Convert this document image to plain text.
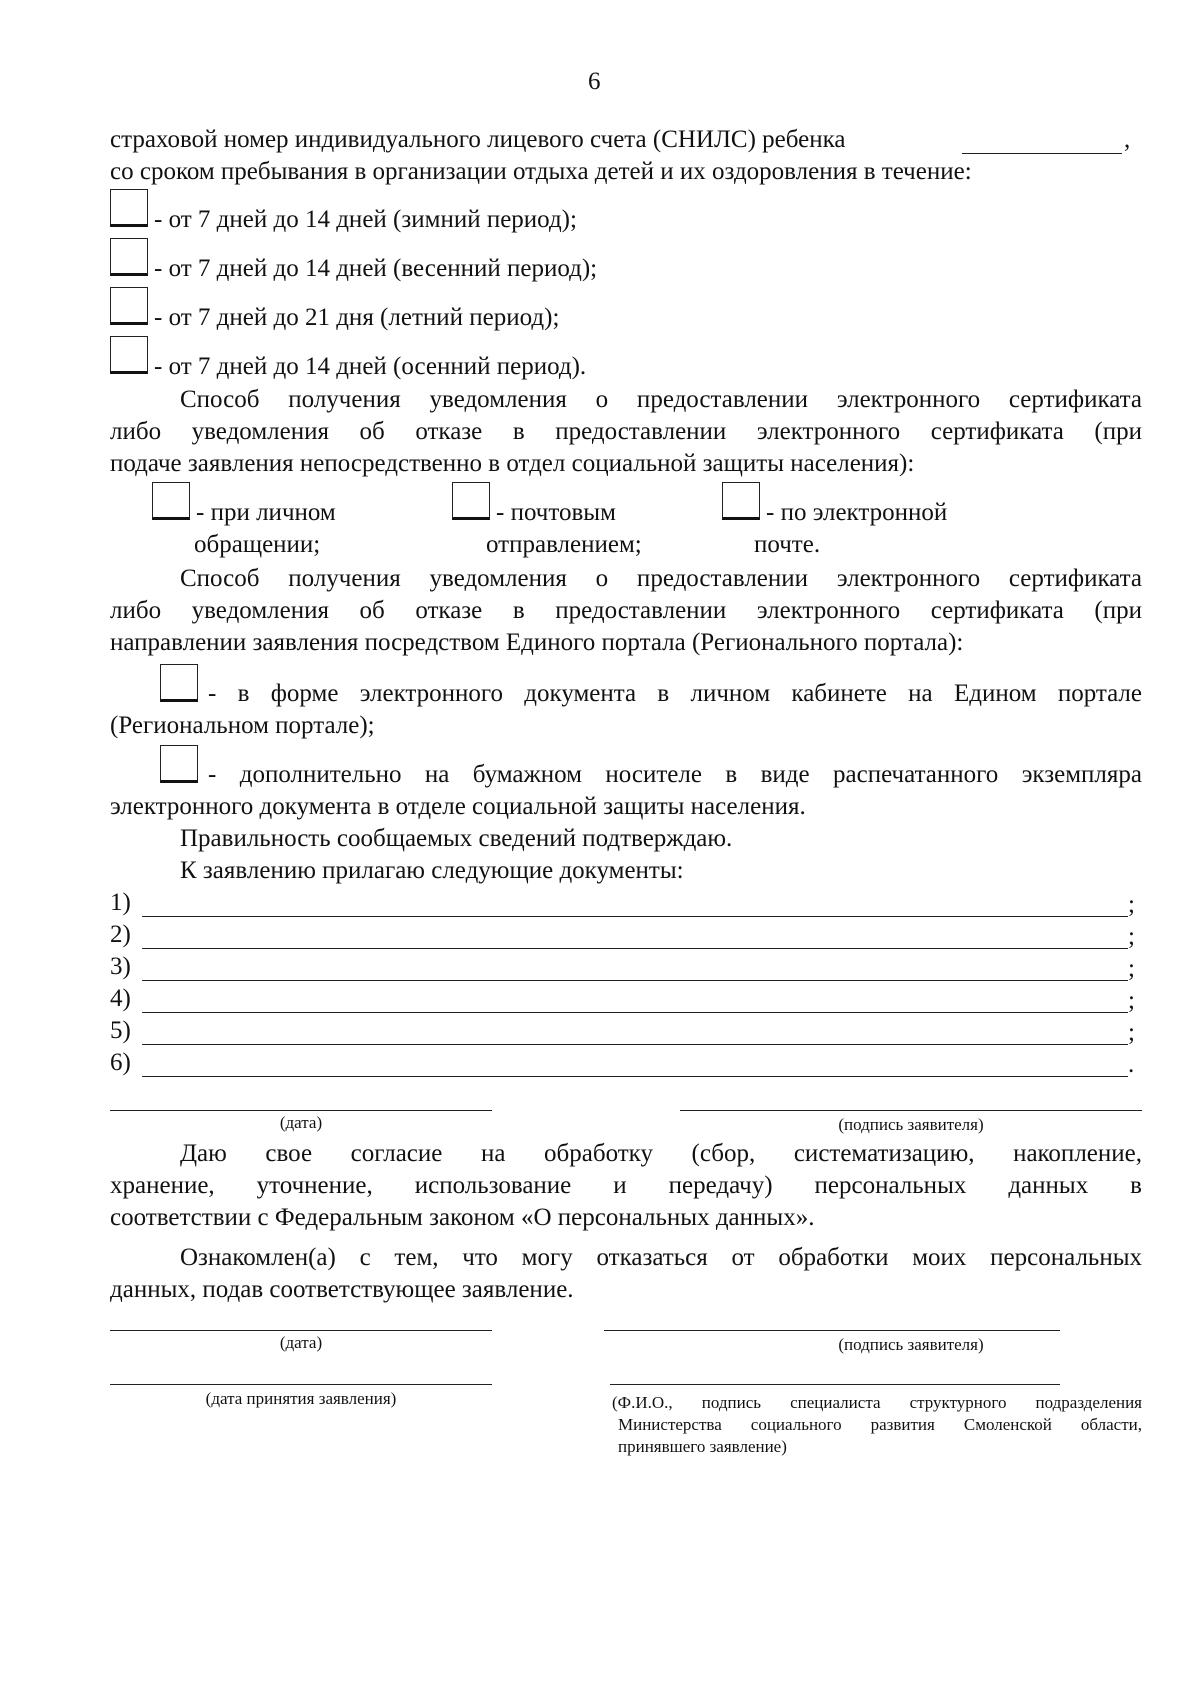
6
страховой номер индивидуального лицевого счета (СНИЛС) ребенка	,
со сроком пребывания в организации отдыха детей и их оздоровления в течение:
- от 7 дней до 14 дней (зимний период);
- от 7 дней до 14 дней (весенний период);
- от 7 дней до 21 дня (летний период);
- от 7 дней до 14 дней (осенний период).
Способ получения уведомления о предоставлении электронного сертификата
либо уведомления об отказе в предоставлении электронного сертификата (при
подаче заявления непосредственно в отдел социальной защиты населения):
- при личном
обращении;
- почтовым
отправлением;
- по электронной
почте.
Способ получения уведомления о предоставлении электронного сертификата
либо уведомления об отказе в предоставлении электронного сертификата (при
направлении заявления посредством Единого портала (Регионального портала):
- в форме электронного документа в личном кабинете на Едином портале
(Региональном портале);
- дополнительно на бумажном носителе в виде распечатанного экземпляра
электронного документа в отделе социальной защиты населения.
Правильность сообщаемых сведений подтверждаю.
К заявлению прилагаю следующие документы:
1)	;
2)	;
3)	;
4)	;
5)	;
6)	.
(дата)	(подпись заявителя)
Даю свое согласие на обработку (сбор, систематизацию, накопление,
хранение, уточнение, использование и передачу) персональных данных в
соответствии с Федеральным законом «О персональных данных».
Ознакомлен(а) с тем, что могу отказаться от обработки моих персональных
данных, подав соответствующее заявление.
(дата)	(подпись заявителя)
(дата принятия заявления)	(Ф.И.О., подпись специалиста структурного подразделения
Министерства социального развития Смоленской области,
принявшего заявление)
